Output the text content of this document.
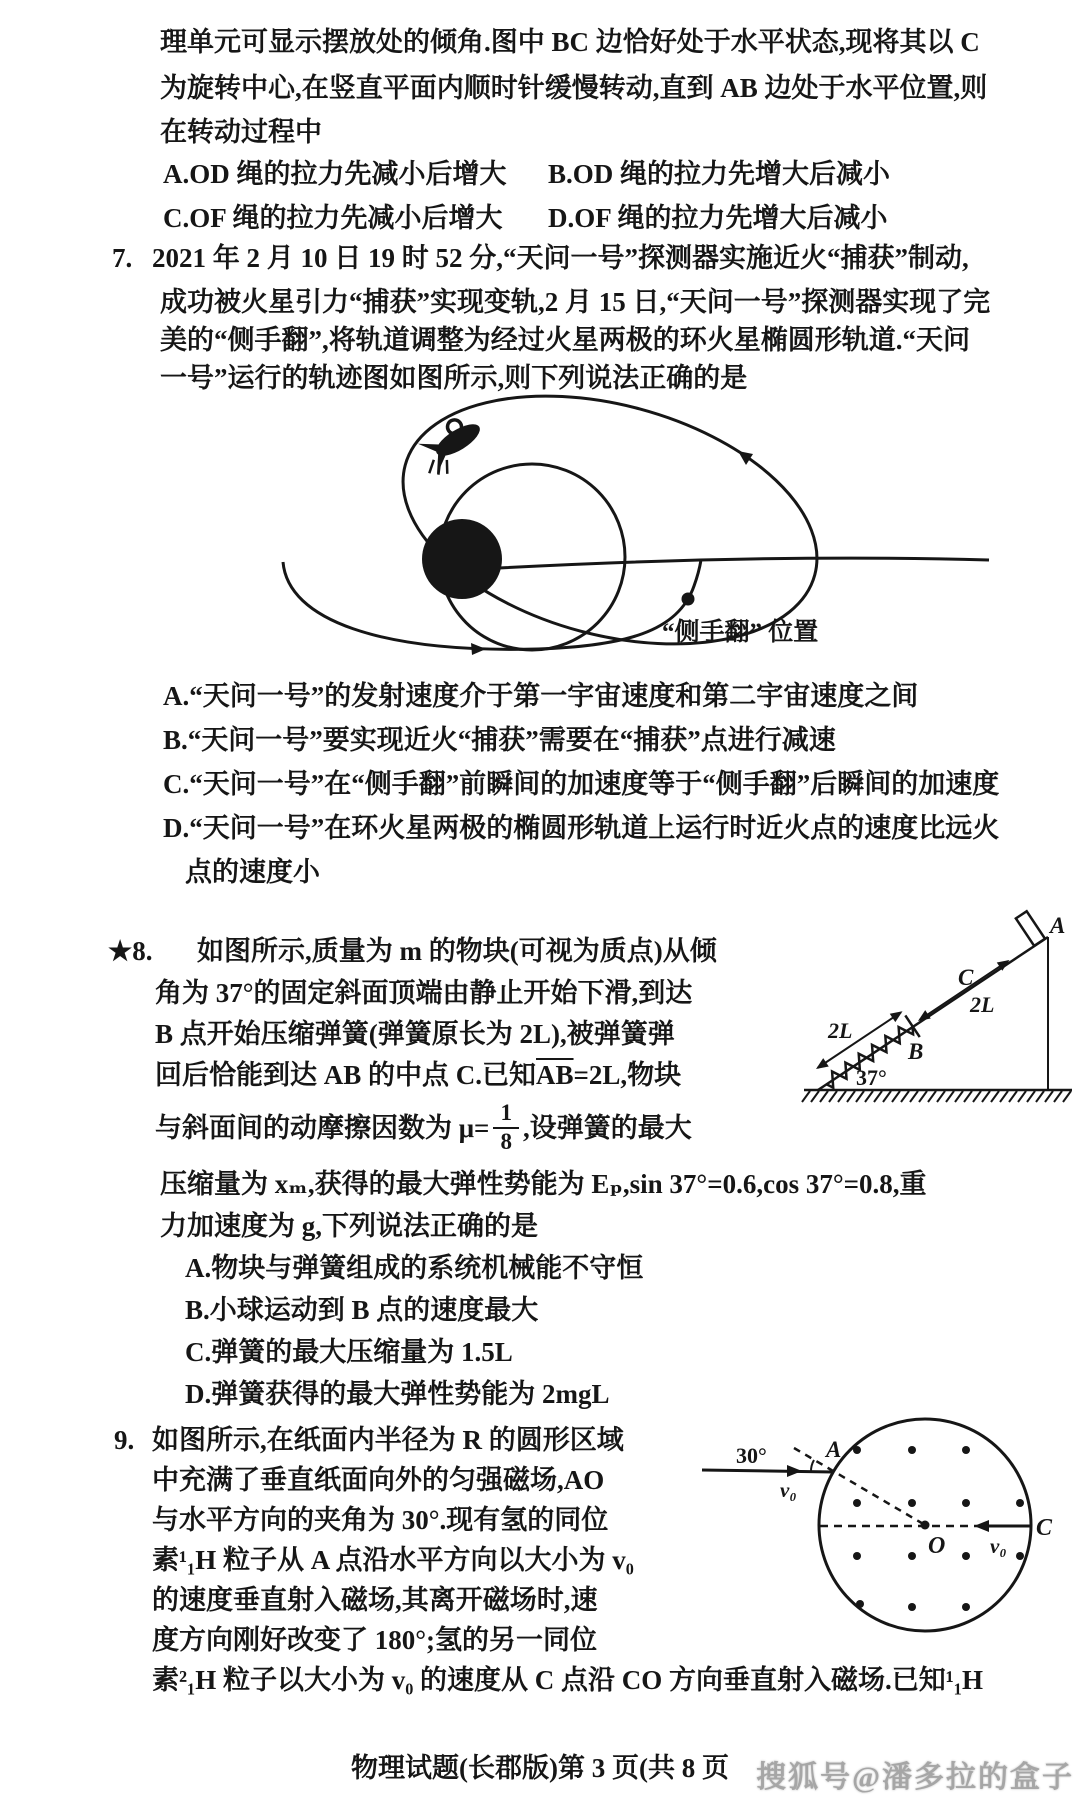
理单元可显示摆放处的倾角.图中 BC 边恰好处于水平状态,现将其以 C
为旋转中心,在竖直平面内顺时针缓慢转动,直到 AB 边处于水平位置,则
在转动过程中
A.OD 绳的拉力先减小后增大 B.OD 绳的拉力先增大后减小
C.OF 绳的拉力先减小后增大 D.OF 绳的拉力先增大后减小
7. 2021 年 2 月 10 日 19 时 52 分,“天问一号”探测器实施近火“捕获”制动,
成功被火星引力“捕获”实现变轨,2 月 15 日,“天问一号”探测器实现了完
美的“侧手翻”,将轨道调整为经过火星两极的环火星椭圆形轨道.“天问
一号”运行的轨迹图如图所示,则下列说法正确的是
“侧手翻” 位置
A.“天问一号”的发射速度介于第一宇宙速度和第二宇宙速度之间
B.“天问一号”要实现近火“捕获”需要在“捕获”点进行减速
C.“天问一号”在“侧手翻”前瞬间的加速度等于“侧手翻”后瞬间的加速度
D.“天问一号”在环火星两极的椭圆形轨道上运行时近火点的速度比远火
点的速度小
★8. 如图所示,质量为 m 的物块(可视为质点)从倾
角为 37°的固定斜面顶端由静止开始下滑,到达
B 点开始压缩弹簧(弹簧原长为 2L),被弹簧弹
回后恰能到达 AB 的中点 C.已知$\overline{AB}=2L$,物块
与斜面间的动摩擦因数为 $\mu= \frac{1}{8}$ ,设弹簧的最大
压缩量为 xₘ,获得的最大弹性势能为 Eₚ,sin 37°=0.6,cos 37°=0.8,重
力加速度为 g,下列说法正确的是
A.物块与弹簧组成的系统机械能不守恒
B.小球运动到 B 点的速度最大
C.弹簧的最大压缩量为 1.5L
D.弹簧获得的最大弹性势能为 2mgL
2L
2L
A
B
C
37°
9. 如图所示,在纸面内半径为 R 的圆形区域
中充满了垂直纸面向外的匀强磁场,AO
与水平方向的夹角为 30°.现有氢的同位
素¹₁H 粒子从 A 点沿水平方向以大小为 v₀
的速度垂直射入磁场,其离开磁场时,速
度方向刚好改变了 180°;氢的另一同位
素²₁H 粒子以大小为 v₀ 的速度从 C 点沿 CO 方向垂直射入磁场.已知¹₁H
30°	A
O
C
v₀
v₀
物理试题(长郡版)第 3 页(共 8 页 搜狐号@潘多拉的盒子
